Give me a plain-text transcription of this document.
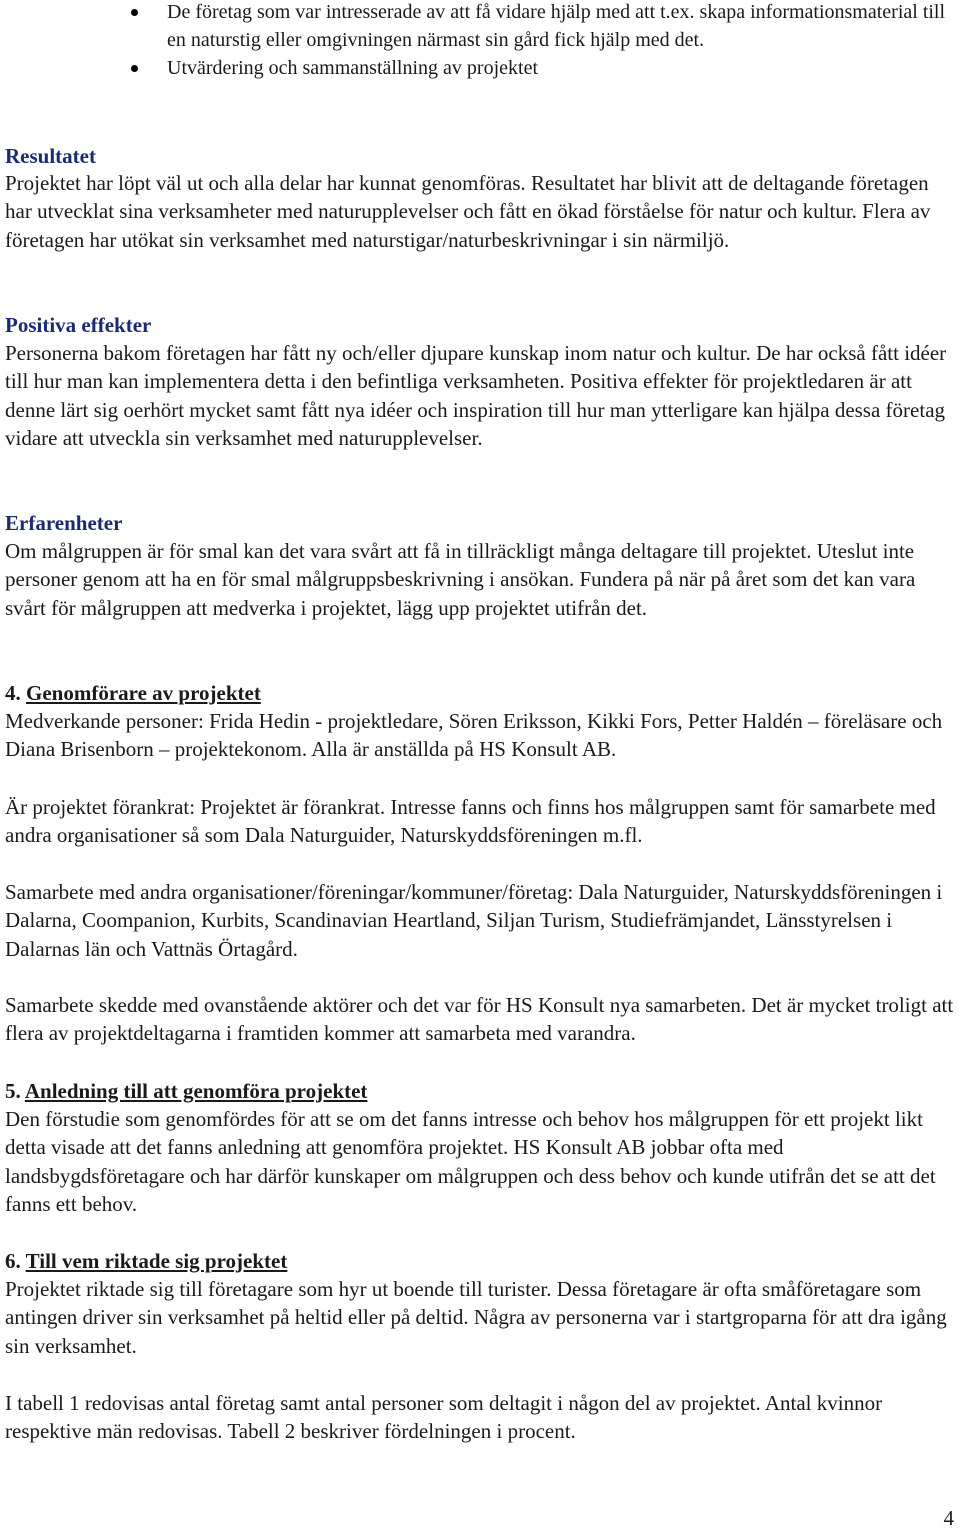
De företag som var intresserade av att få vidare hjälp med att t.ex. skapa informationsmaterial till en naturstig eller omgivningen närmast sin gård fick hjälp med det.
Utvärdering och sammanställning av projektet
Resultatet

Projektet har löpt väl ut och alla delar har kunnat genomföras. Resultatet har blivit att de deltagande företagen har utvecklat sina verksamheter med naturupplevelser och fått en ökad förståelse för natur och kultur. Flera av företagen har utökat sin verksamhet med naturstigar/naturbeskrivningar i sin närmiljö.

Positiva effekter

Personerna bakom företagen har fått ny och/eller djupare kunskap inom natur och kultur. De har också fått idéer till hur man kan implementera detta i den befintliga verksamheten. Positiva effekter för projektledaren är att denne lärt sig oerhört mycket samt fått nya idéer och inspiration till hur man ytterligare kan hjälpa dessa företag vidare att utveckla sin verksamhet med naturupplevelser.

Erfarenheter

Om målgruppen är för smal kan det vara svårt att få in tillräckligt många deltagare till projektet. Uteslut inte personer genom att ha en för smal målgruppsbeskrivning i ansökan. Fundera på när på året som det kan vara svårt för målgruppen att medverka i projektet, lägg upp projektet utifrån det.

4. Genomförare av projektet

Medverkande personer: Frida Hedin - projektledare, Sören Eriksson, Kikki Fors, Petter Haldén – föreläsare och Diana Brisenborn – projektekonom. Alla är anställda på HS Konsult AB.

Är projektet förankrat: Projektet är förankrat. Intresse fanns och finns hos målgruppen samt för samarbete med andra organisationer så som Dala Naturguider, Naturskyddsföreningen m.fl.

Samarbete med andra organisationer/föreningar/kommuner/företag: Dala Naturguider, Naturskyddsföreningen i Dalarna, Coompanion, Kurbits, Scandinavian Heartland, Siljan Turism, Studiefrämjandet, Länsstyrelsen i Dalarnas län och Vattnäs Örtagård.

Samarbete skedde med ovanstående aktörer och det var för HS Konsult nya samarbeten. Det är mycket troligt att flera av projektdeltagarna i framtiden kommer att samarbeta med varandra.

5. Anledning till att genomföra projektet

Den förstudie som genomfördes för att se om det fanns intresse och behov hos målgruppen för ett projekt likt detta visade att det fanns anledning att genomföra projektet. HS Konsult AB jobbar ofta med landsbygdsföretagare och har därför kunskaper om målgruppen och dess behov och kunde utifrån det se att det fanns ett behov.

6. Till vem riktade sig projektet

Projektet riktade sig till företagare som hyr ut boende till turister. Dessa företagare är ofta småföretagare som antingen driver sin verksamhet på heltid eller på deltid. Några av personerna var i startgroparna för att dra igång sin verksamhet.

I tabell 1 redovisas antal företag samt antal personer som deltagit i någon del av projektet. Antal kvinnor respektive män redovisas. Tabell 2 beskriver fördelningen i procent.

4
